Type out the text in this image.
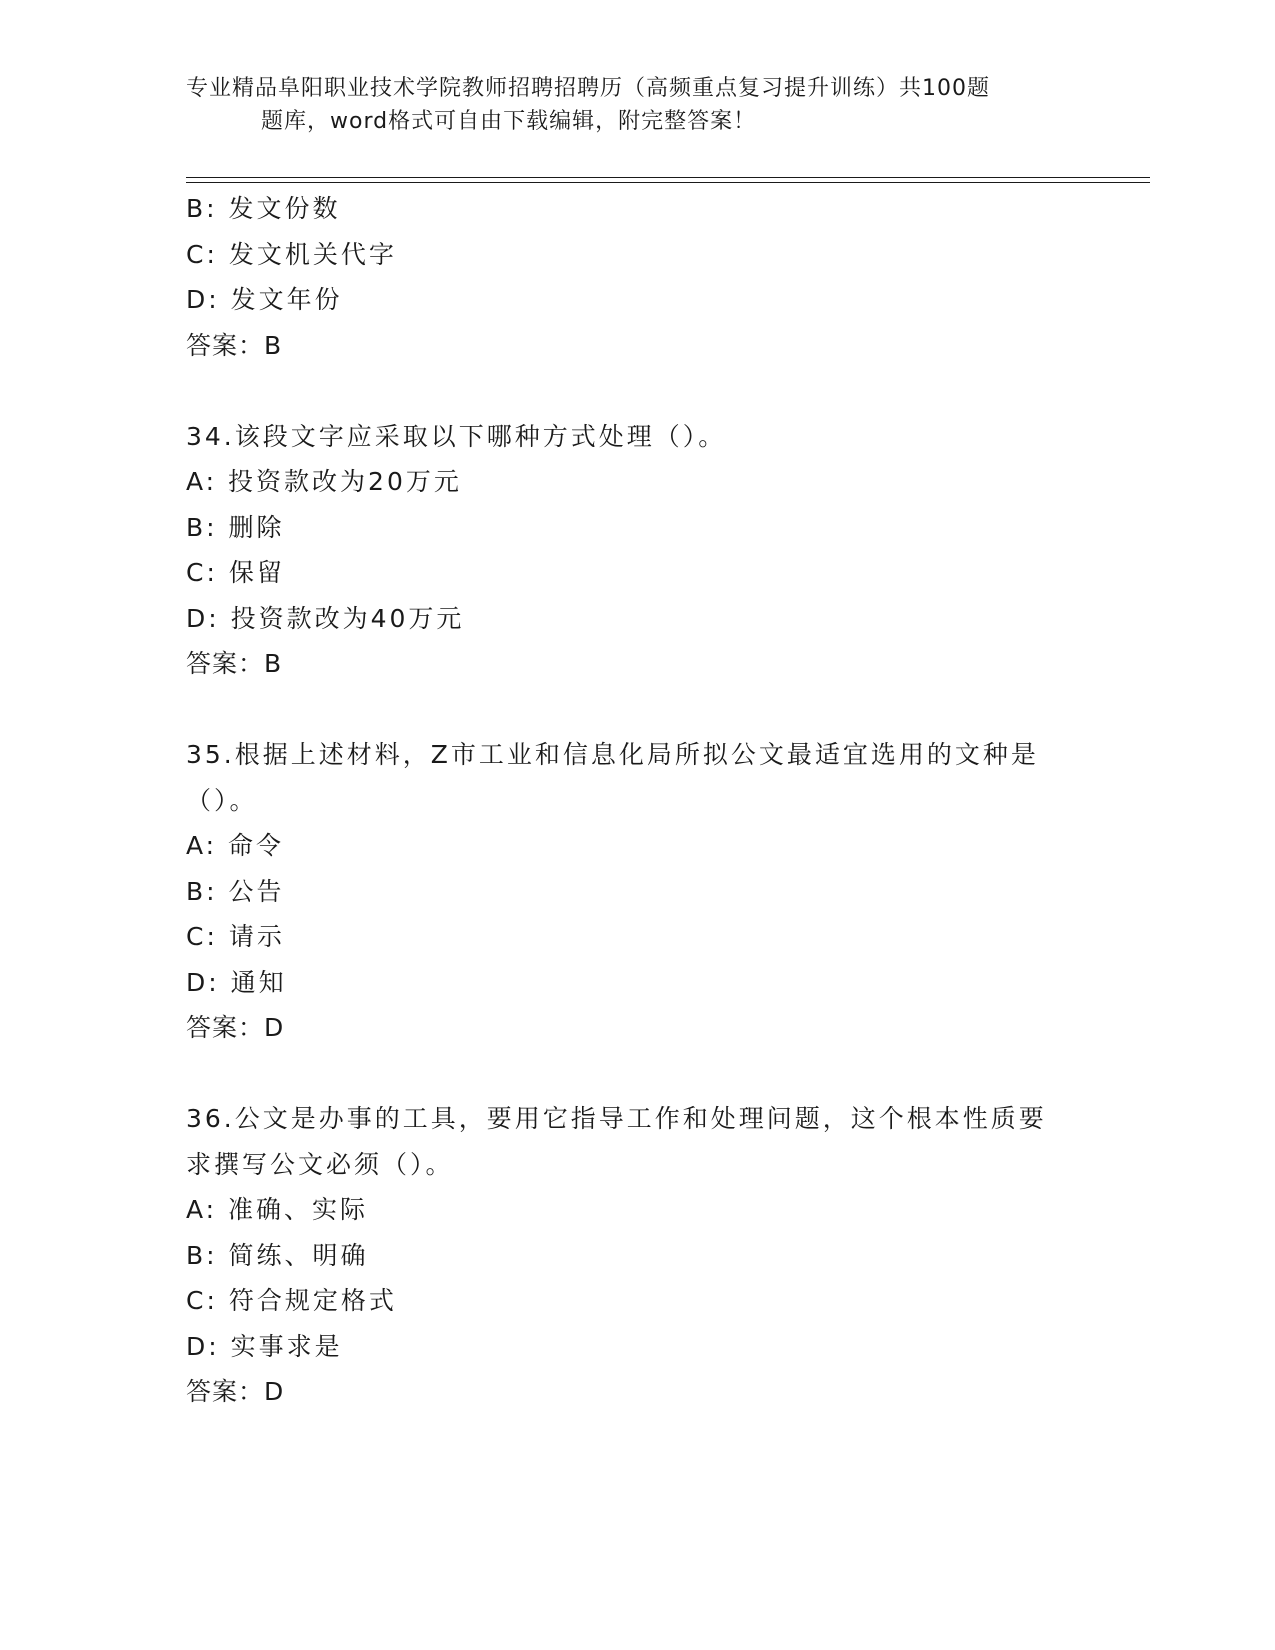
专业精品阜阳职业技术学院教师招聘招聘历（高频重点复习提升训练）共100题
题库，word格式可自由下载编辑，附完整答案！
B: 发文份数
C: 发文机关代字
D: 发文年份
答案：B
34.该段文字应采取以下哪种方式处理（）。
A: 投资款改为20万元
B: 删除
C: 保留
D: 投资款改为40万元
答案：B
35.根据上述材料，Z市工业和信息化局所拟公文最适宜选用的文种是
（）。
A: 命令
B: 公告
C: 请示
D: 通知
答案：D
36.公文是办事的工具，要用它指导工作和处理问题，这个根本性质要
求撰写公文必须（）。
A: 准确、实际
B: 简练、明确
C: 符合规定格式
D: 实事求是
答案：D
